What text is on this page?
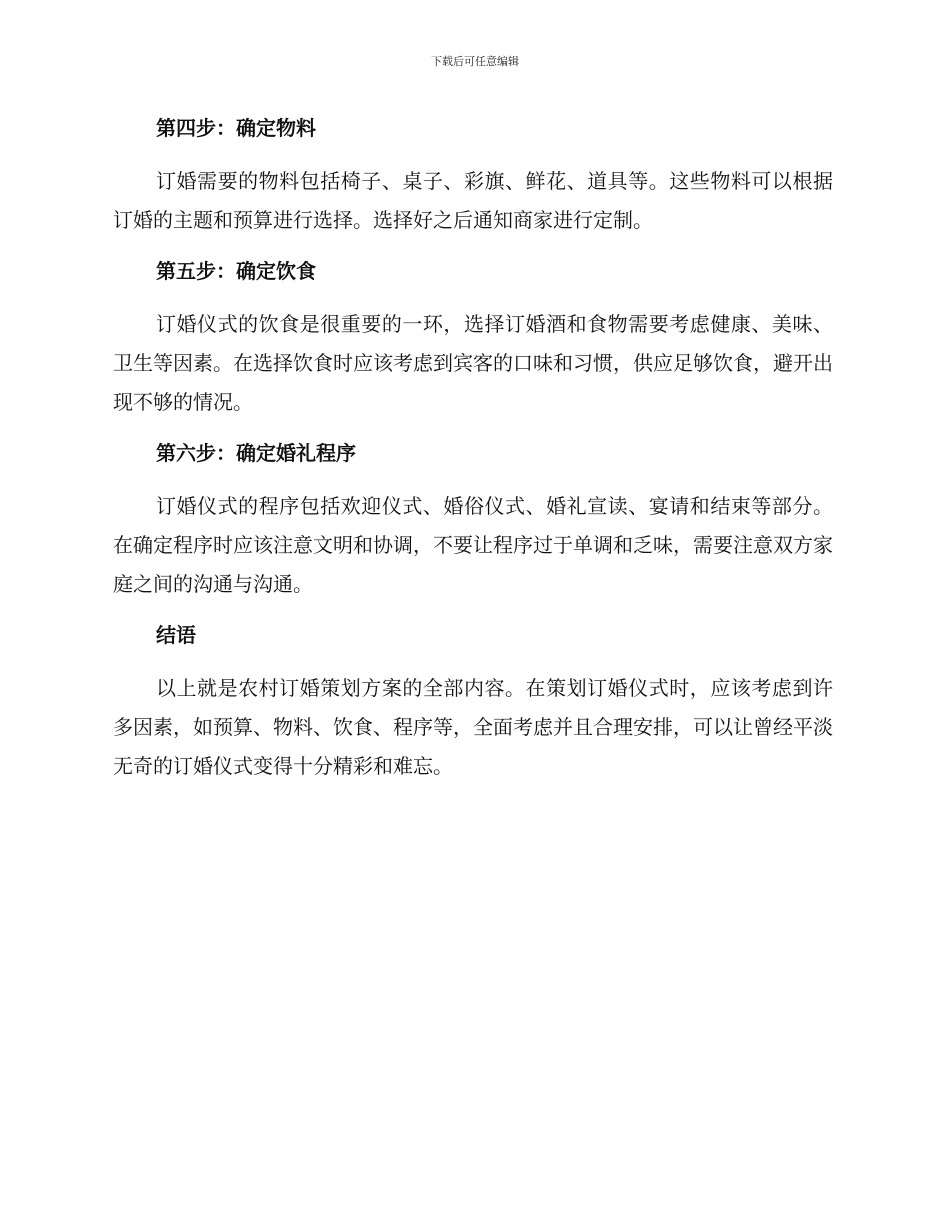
下载后可任意编辑
第四步：确定物料

订婚需要的物料包括椅子、桌子、彩旗、鲜花、道具等。这些物料可以根据订婚的主题和预算进行选择。选择好之后通知商家进行定制。

第五步：确定饮食

订婚仪式的饮食是很重要的一环，选择订婚酒和食物需要考虑健康、美味、卫生等因素。在选择饮食时应该考虑到宾客的口味和习惯，供应足够饮食，避开出现不够的情况。

第六步：确定婚礼程序

订婚仪式的程序包括欢迎仪式、婚俗仪式、婚礼宣读、宴请和结束等部分。在确定程序时应该注意文明和协调，不要让程序过于单调和乏味，需要注意双方家庭之间的沟通与沟通。

结语

以上就是农村订婚策划方案的全部内容。在策划订婚仪式时，应该考虑到许多因素，如预算、物料、饮食、程序等，全面考虑并且合理安排，可以让曾经平淡无奇的订婚仪式变得十分精彩和难忘。
